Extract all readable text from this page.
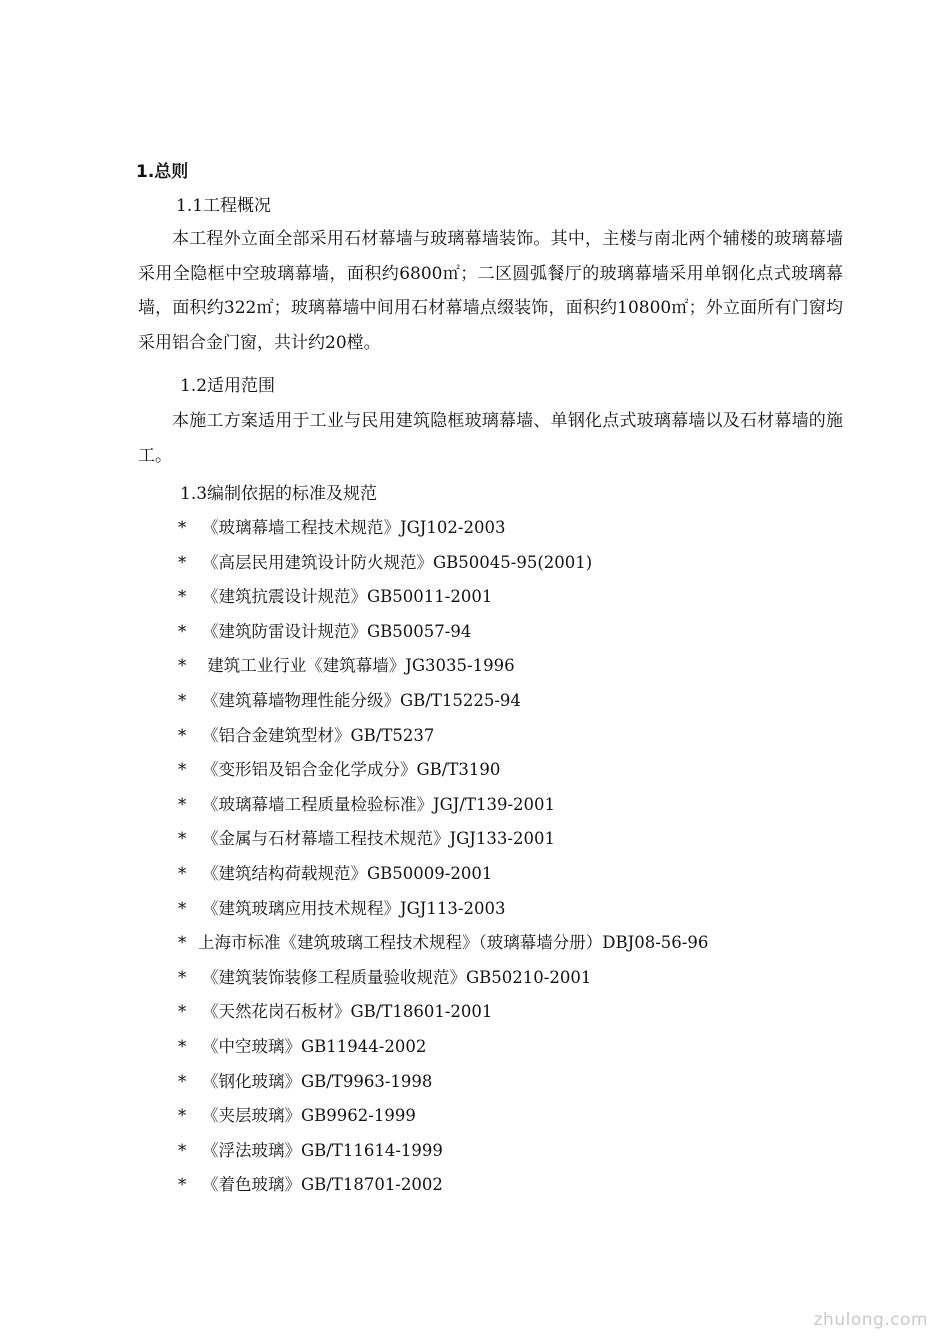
1.总则
1.1工程概况

本工程外立面全部采用石材幕墙与玻璃幕墙装饰。其中，主楼与南北两个辅楼的玻璃幕墙采用全隐框中空玻璃幕墙，面积约6800㎡；二区圆弧餐厅的玻璃幕墙采用单钢化点式玻璃幕墙，面积约322㎡；玻璃幕墙中间用石材幕墙点缀装饰，面积约10800㎡；外立面所有门窗均采用铝合金门窗，共计约20樘。

1.2适用范围

本施工方案适用于工业与民用建筑隐框玻璃幕墙、单钢化点式玻璃幕墙以及石材幕墙的施工。

1.3编制依据的标准及规范
* 《玻璃幕墙工程技术规范》JGJ102-2003
* 《高层民用建筑设计防火规范》GB50045-95(2001)
* 《建筑抗震设计规范》GB50011-2001
* 《建筑防雷设计规范》GB50057-94
* 建筑工业行业《建筑幕墙》JG3035-1996
* 《建筑幕墙物理性能分级》GB/T15225-94
* 《铝合金建筑型材》GB/T5237
* 《变形铝及铝合金化学成分》GB/T3190
* 《玻璃幕墙工程质量检验标准》JGJ/T139-2001
* 《金属与石材幕墙工程技术规范》JGJ133-2001
* 《建筑结构荷载规范》GB50009-2001
* 《建筑玻璃应用技术规程》JGJ113-2003
* 上海市标准《建筑玻璃工程技术规程》（玻璃幕墙分册）DBJ08-56-96
* 《建筑装饰装修工程质量验收规范》GB50210-2001
* 《天然花岗石板材》GB/T18601-2001
* 《中空玻璃》GB11944-2002
* 《钢化玻璃》GB/T9963-1998
* 《夹层玻璃》GB9962-1999
* 《浮法玻璃》GB/T11614-1999
* 《着色玻璃》GB/T18701-2002
zhulong.com
